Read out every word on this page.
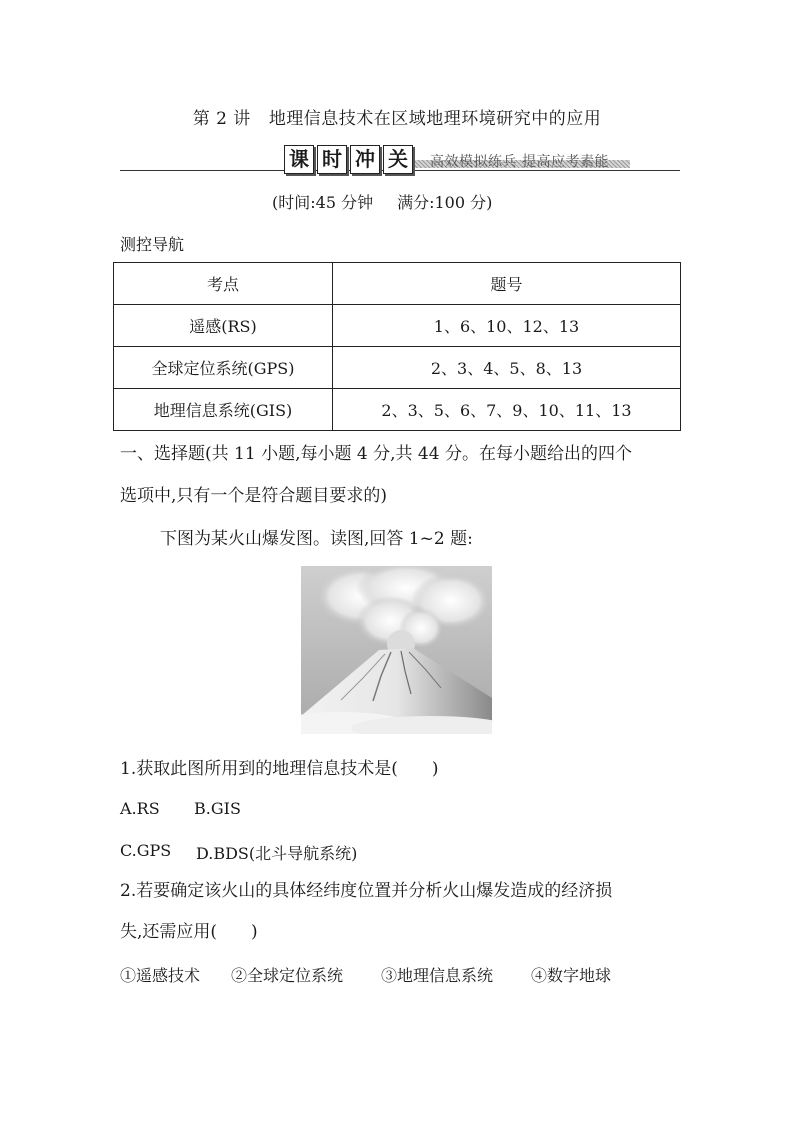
第 2 讲 地理信息技术在区域地理环境研究中的应用
课 时 冲 关	高效模拟练兵 提高应考素能
(时间:45 分钟 满分:100 分)
测控导航
考点	题号
遥感(RS)	1、6、10、12、13
全球定位系统(GPS)	2、3、4、5、8、13
地理信息系统(GIS)	2、3、5、6、7、9、10、11、13
一、选择题(共 11 小题,每小题 4 分,共 44 分。在每小题给出的四个
选项中,只有一个是符合题目要求的)
下图为某火山爆发图。读图,回答 1~2 题:
1.获取此图所用到的地理信息技术是(　　)
A.RS B.GIS
C.GPS D.BDS(北斗导航系统)
2.若要确定该火山的具体经纬度位置并分析火山爆发造成的经济损
失,还需应用(　　)
①遥感技术 ②全球定位系统 ③地理信息系统 ④数字地球
